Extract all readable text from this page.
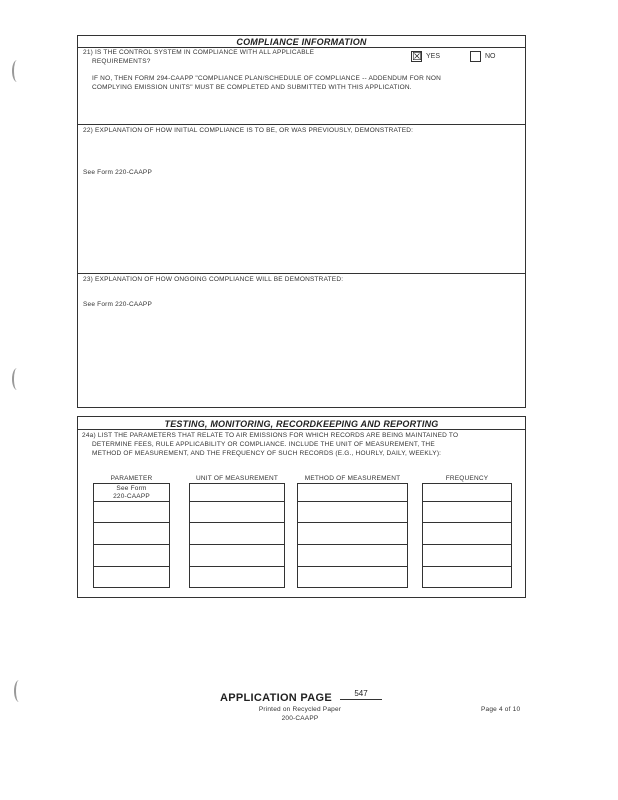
COMPLIANCE INFORMATION
21) IS THE CONTROL SYSTEM IN COMPLIANCE WITH ALL APPLICABLE
REQUIREMENTS?	☒ YES	NO
IF NO, THEN FORM 294-CAAPP "COMPLIANCE PLAN/SCHEDULE OF COMPLIANCE -- ADDENDUM FOR NON
COMPLYING EMISSION UNITS" MUST BE COMPLETED AND SUBMITTED WITH THIS APPLICATION.
22) EXPLANATION OF HOW INITIAL COMPLIANCE IS TO BE, OR WAS PREVIOUSLY, DEMONSTRATED:
See Form 220-CAAPP
23) EXPLANATION OF HOW ONGOING COMPLIANCE WILL BE DEMONSTRATED:
See Form 220-CAAPP
TESTING, MONITORING, RECORDKEEPING AND REPORTING
24a) LIST THE PARAMETERS THAT RELATE TO AIR EMISSIONS FOR WHICH RECORDS ARE BEING MAINTAINED TO
DETERMINE FEES, RULE APPLICABILITY OR COMPLIANCE. INCLUDE THE UNIT OF MEASUREMENT, THE
METHOD OF MEASUREMENT, AND THE FREQUENCY OF SUCH RECORDS (E.G., HOURLY, DAILY, WEEKLY):
PARAMETER	UNIT OF MEASUREMENT	METHOD OF MEASUREMENT	FREQUENCY
See Form
220-CAAPP
APPLICATION PAGE	547
Printed on Recycled Paper
200-CAAPP
Page 4 of 10
